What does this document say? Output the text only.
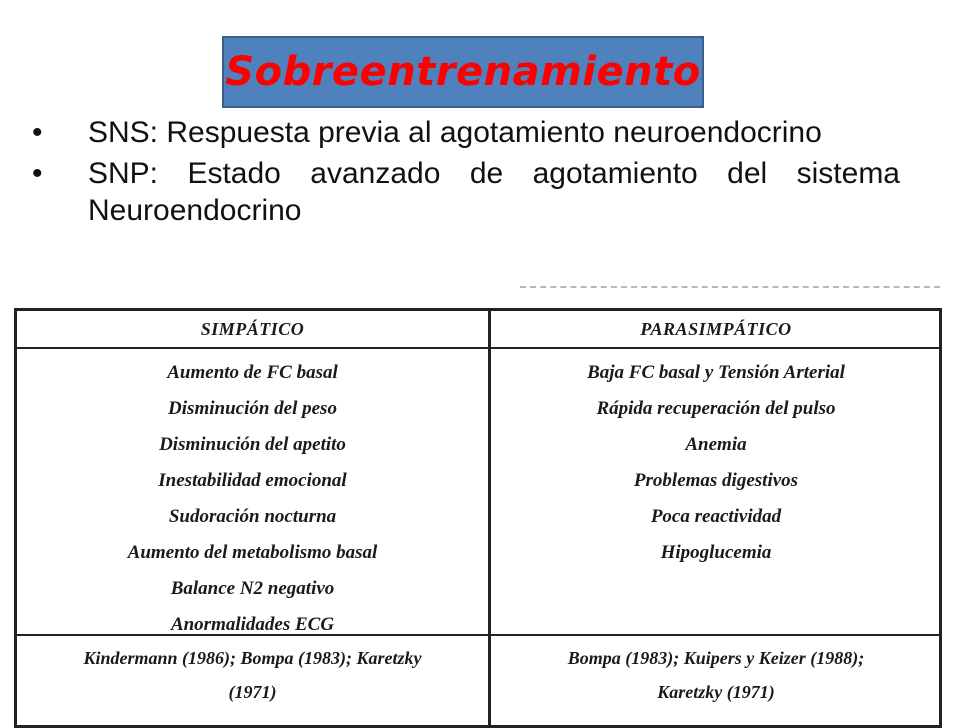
Sobreentrenamiento
• SNS: Respuesta previa al agotamiento neuroendocrino
• SNP: Estado avanzado de agotamiento del sistema Neuroendocrino
SIMPÁTICO	PARASIMPÁTICO
Aumento de FC basal
Disminución del peso
Disminución del apetito
Inestabilidad emocional
Sudoración nocturna
Aumento del metabolismo basal
Balance N2 negativo
Anormalidades ECG
Baja FC basal y Tensión Arterial
Rápida recuperación del pulso
Anemia
Problemas digestivos
Poca reactividad
Hipoglucemia
Kindermann (1986); Bompa (1983); Karetzky
(1971)
Bompa (1983); Kuipers y Keizer (1988);
Karetzky (1971)
